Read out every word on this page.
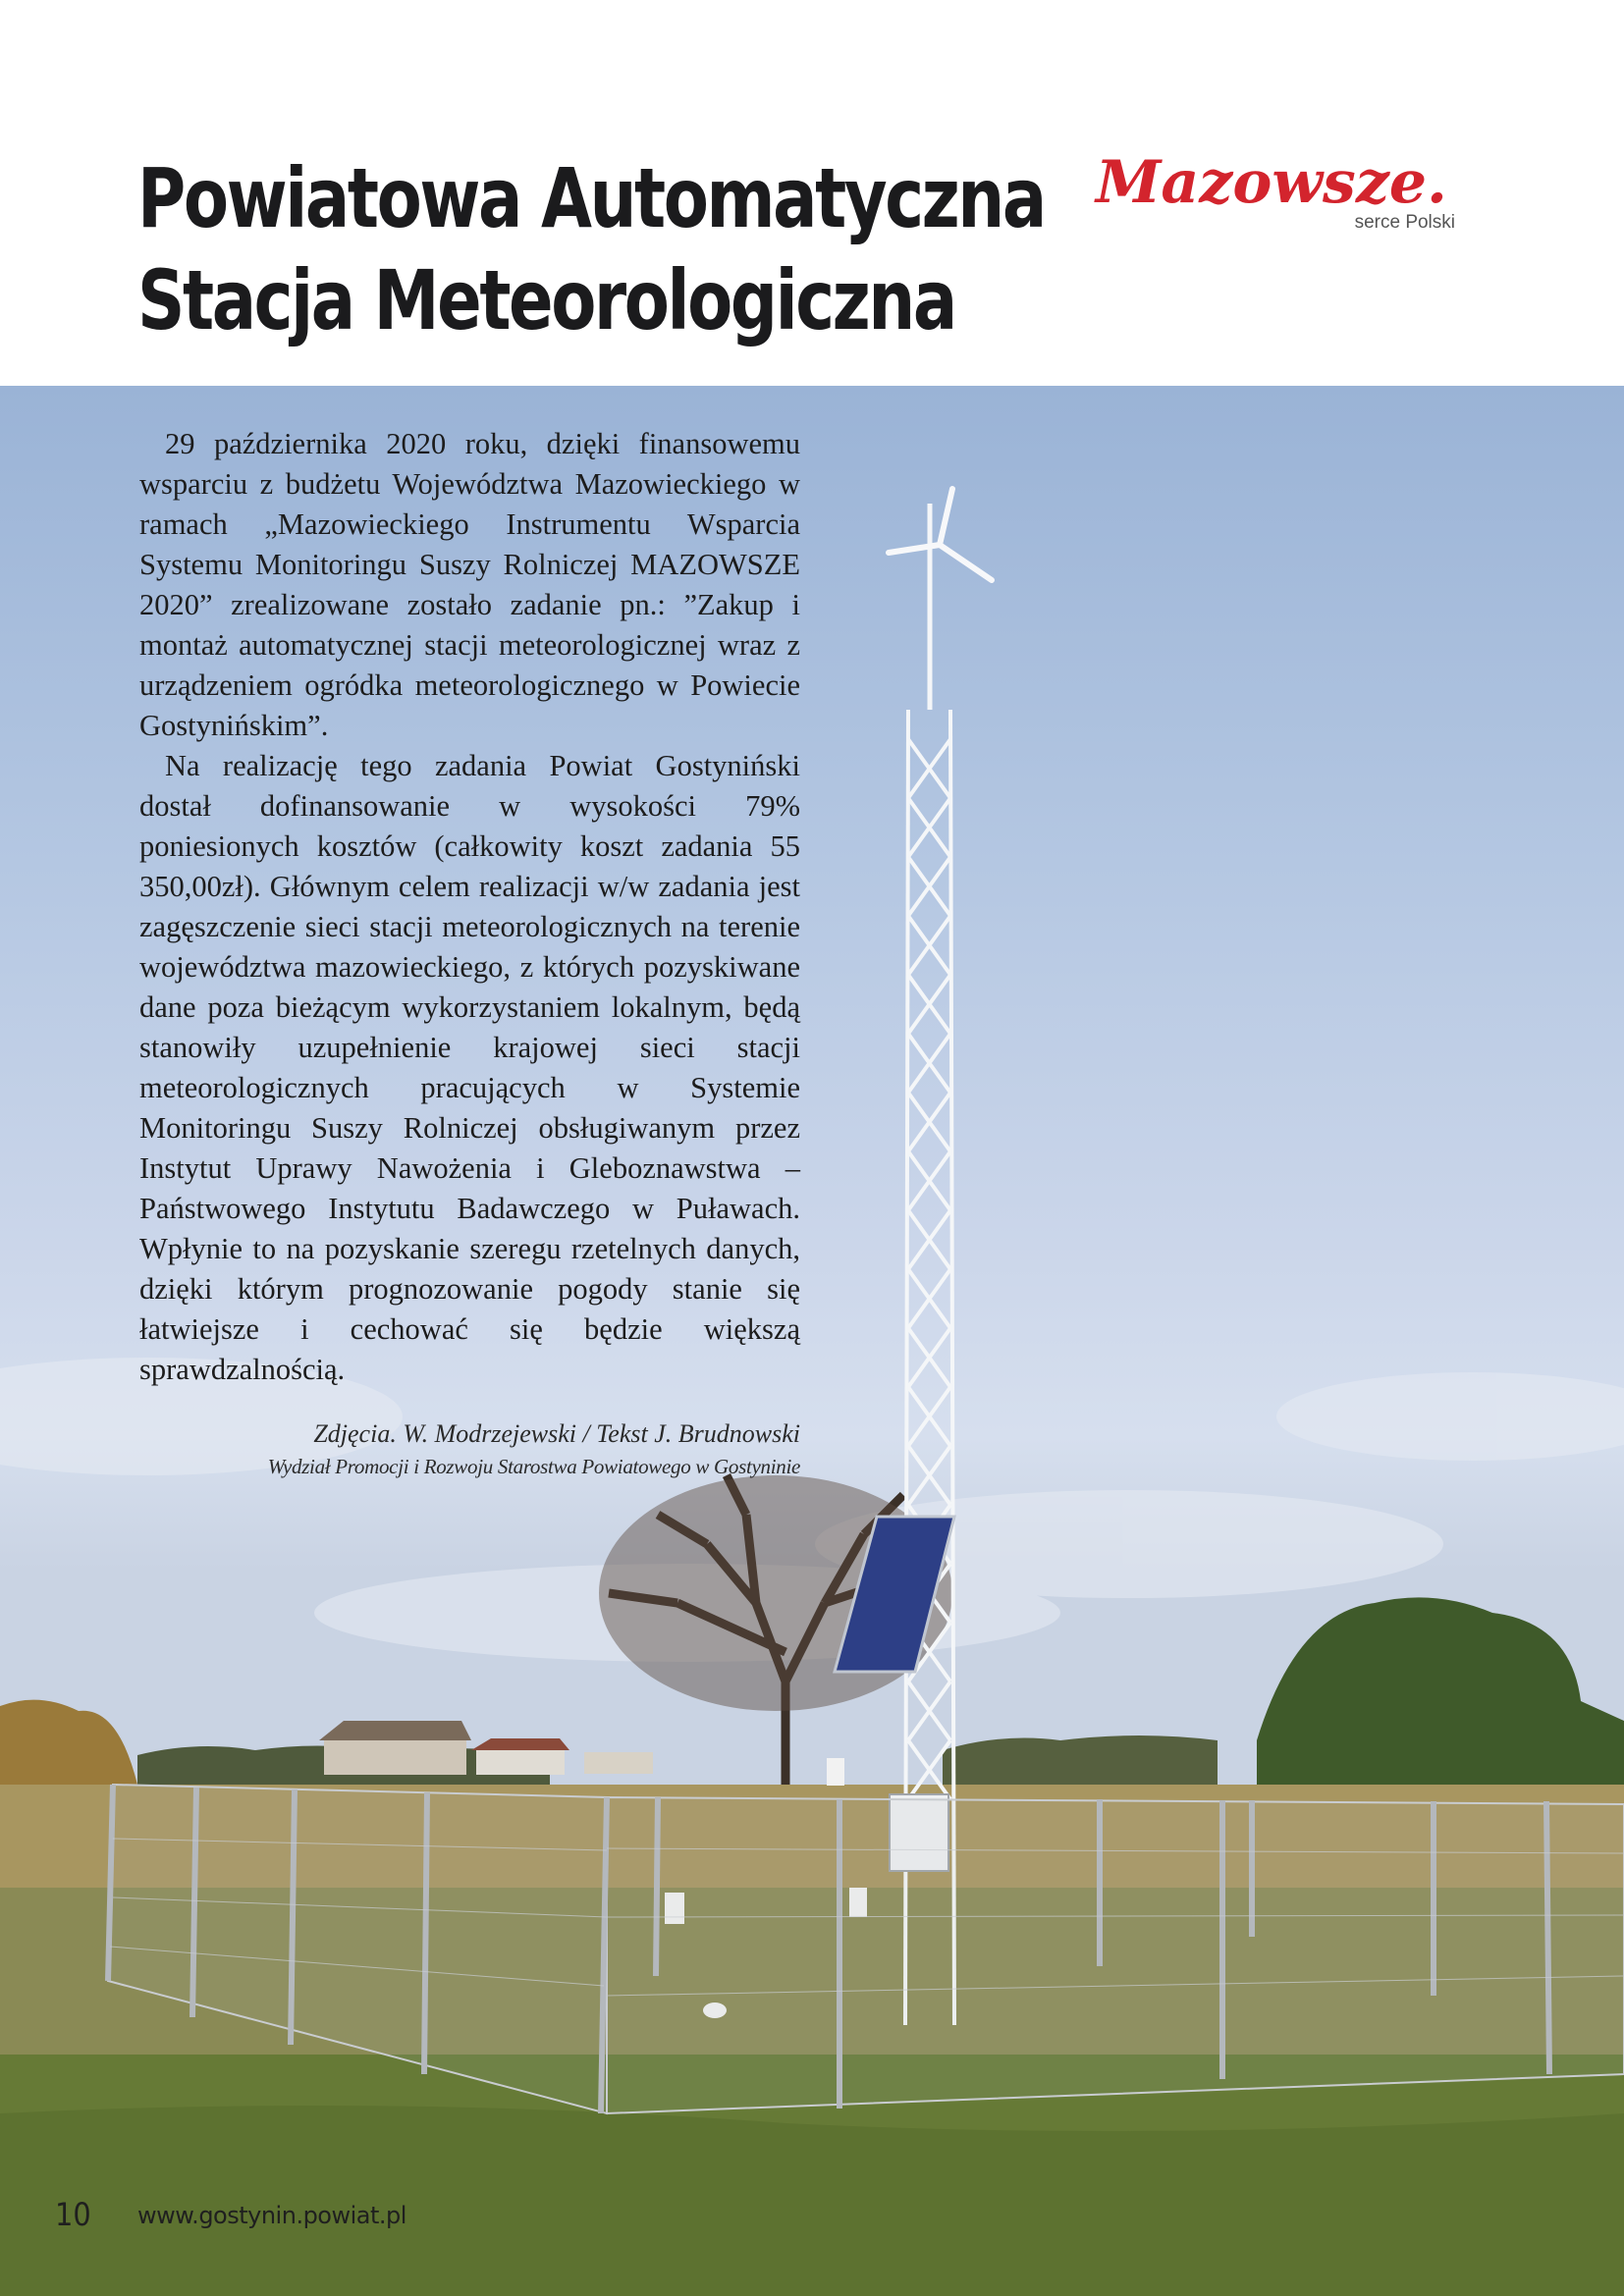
Powiatowa Automatyczna
Stacja Meteorologiczna
Mazowsze.
serce Polski

29 października 2020 roku, dzięki finansowemu wsparciu z budżetu Województwa Mazowieckiego w ramach „Mazowieckiego Instrumentu Wsparcia Systemu Monitoringu Suszy Rolniczej MAZOWSZE 2020” zrealizowane zostało zadanie pn.: ”Zakup i montaż automatycznej stacji meteorologicznej wraz z urządzeniem ogródka meteorologicznego w Powiecie Gostynińskim”.

Na realizację tego zadania Powiat Gostyniński dostał dofinansowanie w wysokości 79% poniesionych kosztów (całkowity koszt zadania 55 350,00zł). Głównym celem realizacji w/w zadania jest zagęszczenie sieci stacji meteorologicznych na terenie województwa mazowieckiego, z których pozyskiwane dane poza bieżącym wykorzystaniem lokalnym, będą stanowiły uzupełnienie krajowej sieci stacji meteorologicznych pracujących w Systemie Monitoringu Suszy Rolniczej obsługiwanym przez Instytut Uprawy Nawożenia i Gleboznawstwa – Państwowego Instytutu Badawczego w Puławach. Wpłynie to na pozyskanie szeregu rzetelnych danych, dzięki którym prognozowanie pogody stanie się łatwiejsze i cechować się będzie większą sprawdzalnością.

Zdjęcia. W. Modrzejewski / Tekst J. Brudnowski
Wydział Promocji i Rozwoju Starostwa Powiatowego w Gostyninie
10 www.gostynin.powiat.pl
